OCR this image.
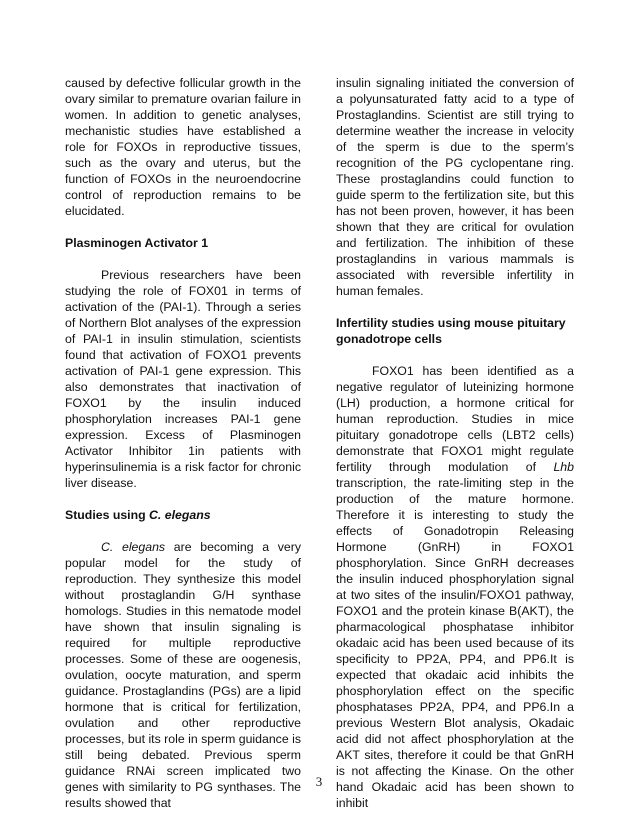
caused by defective follicular growth in the ovary similar to premature ovarian failure in women. In addition to genetic analyses, mechanistic studies have established a role for FOXOs in reproductive tissues, such as the ovary and uterus, but the function of FOXOs in the neuroendocrine control of reproduction remains to be elucidated.

Plasminogen Activator 1

Previous researchers have been studying the role of FOX01 in terms of activation of the (PAI-1). Through a series of Northern Blot analyses of the expression of PAI-1 in insulin stimulation, scientists found that activation of FOXO1 prevents activation of PAI-1 gene expression. This also demonstrates that inactivation of FOXO1 by the insulin induced phosphorylation increases PAI-1 gene expression. Excess of Plasminogen Activator Inhibitor 1in patients with hyperinsulinemia is a risk factor for chronic liver disease.

Studies using C. elegans

C. elegans are becoming a very popular model for the study of reproduction. They synthesize this model without prostaglandin G/H synthase homologs. Studies in this nematode model have shown that insulin signaling is required for multiple reproductive processes. Some of these are oogenesis, ovulation, oocyte maturation, and sperm guidance. Prostaglandins (PGs) are a lipid hormone that is critical for fertilization, ovulation and other reproductive processes, but its role in sperm guidance is still being debated. Previous sperm guidance RNAi screen implicated two genes with similarity to PG synthases. The results showed that

insulin signaling initiated the conversion of a polyunsaturated fatty acid to a type of Prostaglandins. Scientist are still trying to determine weather the increase in velocity of the sperm is due to the sperm’s recognition of the PG cyclopentane ring. These prostaglandins could function to guide sperm to the fertilization site, but this has not been proven, however, it has been shown that they are critical for ovulation and fertilization. The inhibition of these prostaglandins in various mammals is associated with reversible infertility in human females.

Infertility studies using mouse pituitary gonadotrope cells

FOXO1 has been identified as a negative regulator of luteinizing hormone (LH) production, a hormone critical for human reproduction. Studies in mice pituitary gonadotrope cells (LBT2 cells) demonstrate that FOXO1 might regulate fertility through modulation of Lhb transcription, the rate-limiting step in the production of the mature hormone. Therefore it is interesting to study the effects of Gonadotropin Releasing Hormone (GnRH) in FOXO1 phosphorylation. Since GnRH decreases the insulin induced phosphorylation signal at two sites of the insulin/FOXO1 pathway, FOXO1 and the protein kinase B(AKT), the pharmacological phosphatase inhibitor okadaic acid has been used because of its specificity to PP2A, PP4, and PP6.It is expected that okadaic acid inhibits the phosphorylation effect on the specific phosphatases PP2A, PP4, and PP6.In a previous Western Blot analysis, Okadaic acid did not affect phosphorylation at the AKT sites, therefore it could be that GnRH is not affecting the Kinase. On the other hand Okadaic acid has been shown to inhibit

3
